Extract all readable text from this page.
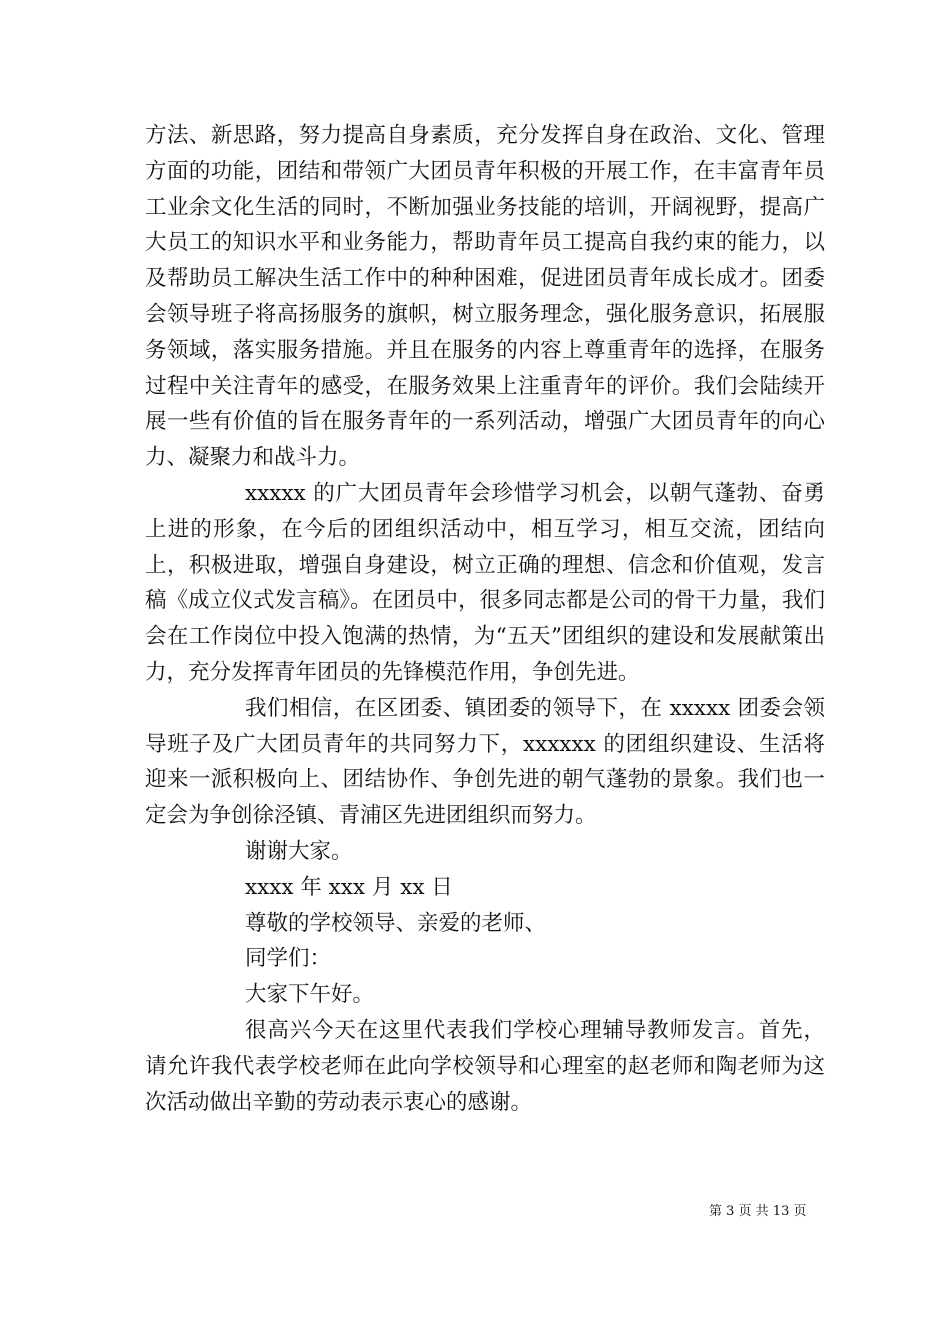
方法、新思路，努力提高自身素质，充分发挥自身在政治、文化、管理方面的功能，团结和带领广大团员青年积极的开展工作，在丰富青年员工业余文化生活的同时，不断加强业务技能的培训，开阔视野，提高广大员工的知识水平和业务能力，帮助青年员工提高自我约束的能力，以及帮助员工解决生活工作中的种种困难，促进团员青年成长成才。团委会领导班子将高扬服务的旗帜，树立服务理念，强化服务意识，拓展服务领域，落实服务措施。并且在服务的内容上尊重青年的选择，在服务过程中关注青年的感受，在服务效果上注重青年的评价。我们会陆续开展一些有价值的旨在服务青年的一系列活动，增强广大团员青年的向心力、凝聚力和战斗力。

xxxxx 的广大团员青年会珍惜学习机会，以朝气蓬勃、奋勇上进的形象，在今后的团组织活动中，相互学习，相互交流，团结向上，积极进取，增强自身建设，树立正确的理想、信念和价值观，发言稿《成立仪式发言稿》。在团员中，很多同志都是公司的骨干力量，我们会在工作岗位中投入饱满的热情，为“五天”团组织的建设和发展献策出力，充分发挥青年团员的先锋模范作用，争创先进。

我们相信，在区团委、镇团委的领导下，在 xxxxx 团委会领导班子及广大团员青年的共同努力下，xxxxxx 的团组织建设、生活将迎来一派积极向上、团结协作、争创先进的朝气蓬勃的景象。我们也一定会为争创徐泾镇、青浦区先进团组织而努力。

谢谢大家。

xxxx 年 xxx 月 xx 日

尊敬的学校领导、亲爱的老师、

同学们：

大家下午好。

很高兴今天在这里代表我们学校心理辅导教师发言。首先，请允许我代表学校老师在此向学校领导和心理室的赵老师和陶老师为这次活动做出辛勤的劳动表示衷心的感谢。

第 3 页 共 13 页
